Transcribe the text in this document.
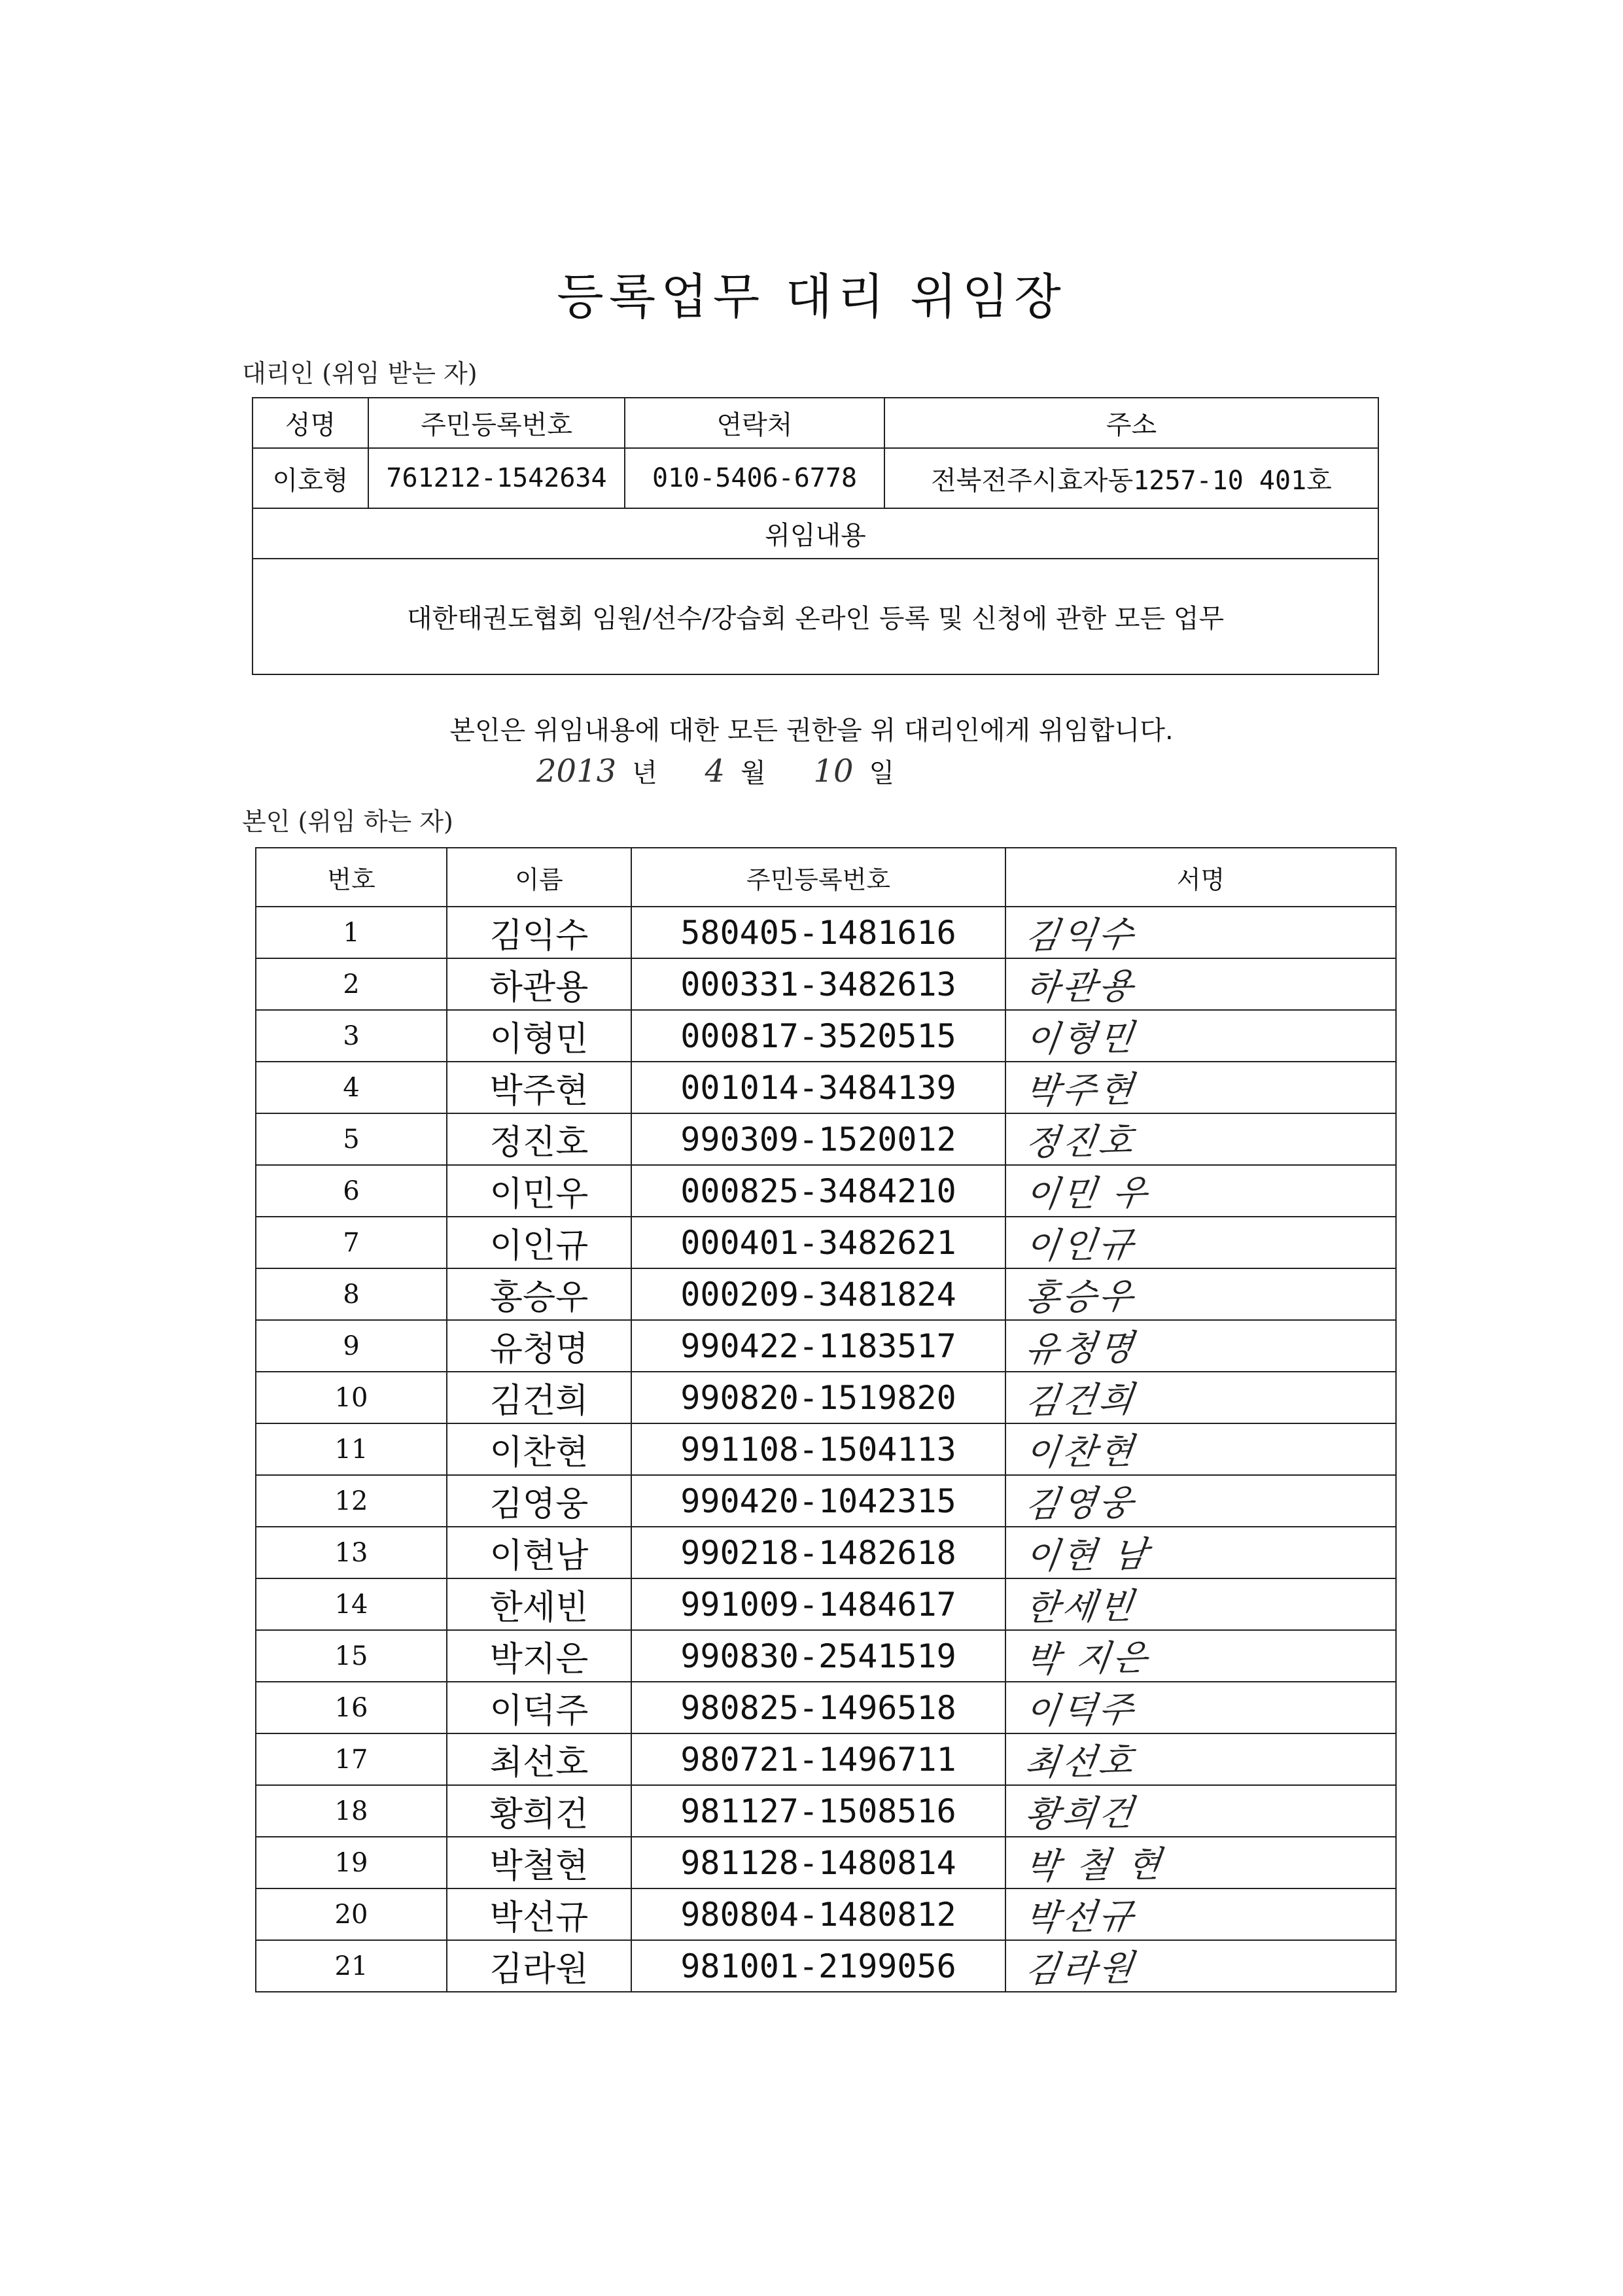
등록업무 대리 위임장
대리인 (위임 받는 자)
성명	주민등록번호	연락처	주소
이호형	761212-1542634	010-5406-6778	전북전주시효자동1257-10 401호
위임내용			
대한태권도협회 임원/선수/강습회 온라인 등록 및 신청에 관한 모든 업무			
본인은 위임내용에 대한 모든 권한을 위 대리인에게 위임합니다.
2013 년 4 월 10 일
본인 (위임 하는 자)
번호	이름	주민등록번호	서명
1	김익수	580405-1481616	김익수
2	하관용	000331-3482613	하관용
3	이형민	000817-3520515	이형민
4	박주현	001014-3484139	박주현
5	정진호	990309-1520012	정진호
6	이민우	000825-3484210	이민 우
7	이인규	000401-3482621	이인규
8	홍승우	000209-3481824	홍승우
9	유청명	990422-1183517	유청명
10	김건희	990820-1519820	김건희
11	이찬현	991108-1504113	이찬현
12	김영웅	990420-1042315	김영웅
13	이현남	990218-1482618	이현 남
14	한세빈	991009-1484617	한세빈
15	박지은	990830-2541519	박 지은
16	이덕주	980825-1496518	이덕주
17	최선호	980721-1496711	최선호
18	황희건	981127-1508516	황희건
19	박철현	981128-1480814	박 철 현
20	박선규	980804-1480812	박선규
21	김라원	981001-2199056	김라원
